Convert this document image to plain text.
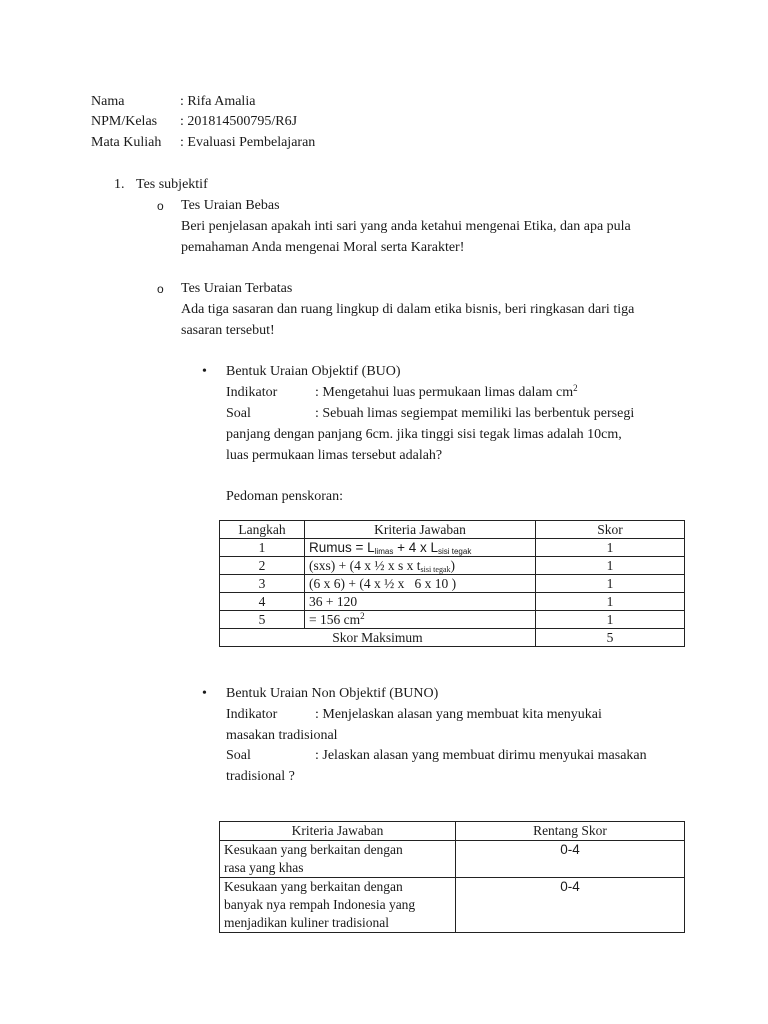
Nama	: Rifa Amalia
NPM/Kelas : 201814500795/R6J
Mata Kuliah : Evaluasi Pembelajaran
1. Tes subjektif
o Tes Uraian Bebas
Beri penjelasan apakah inti sari yang anda ketahui mengenai Etika, dan apa pula
pemahaman Anda mengenai Moral serta Karakter!
o Tes Uraian Terbatas
Ada tiga sasaran dan ruang lingkup di dalam etika bisnis, beri ringkasan dari tiga
sasaran tersebut!
• Bentuk Uraian Objektif (BUO)
Indikator	: Mengetahui luas permukaan limas dalam $cm^2$
Soal	: Sebuah limas segiempat memiliki las berbentuk persegi
panjang dengan panjang 6cm. jika tinggi sisi tegak limas adalah 10cm,
luas permukaan limas tersebut adalah?
Pedoman penskoran:
Langkah	Kriteria Jawaban	Skor
1	Rumus = $L_{limas} + 4$ x $L_{sisi tegak}$	1
2	(sxs) + (4 x ½ x s x $t_{sisi tegak}$)	1
3	(6 x 6) + (4 x ½ x   6 x 10 )	1
4	36 + 120	1
5	= 156 $cm^2$	1
Skor Maksimum		5
• Bentuk Uraian Non Objektif (BUNO)
Indikator	: Menjelaskan alasan yang membuat kita menyukai
masakan tradisional
Soal	: Jelaskan alasan yang membuat dirimu menyukai masakan
tradisional ?
Kriteria Jawaban	Rentang Skor

Kesukaan yang berkaitan dengan
rasa yang khas	0-4

Kesukaan yang berkaitan dengan
banyak nya rempah Indonesia yang
menjadikan kuliner tradisional	0-4
